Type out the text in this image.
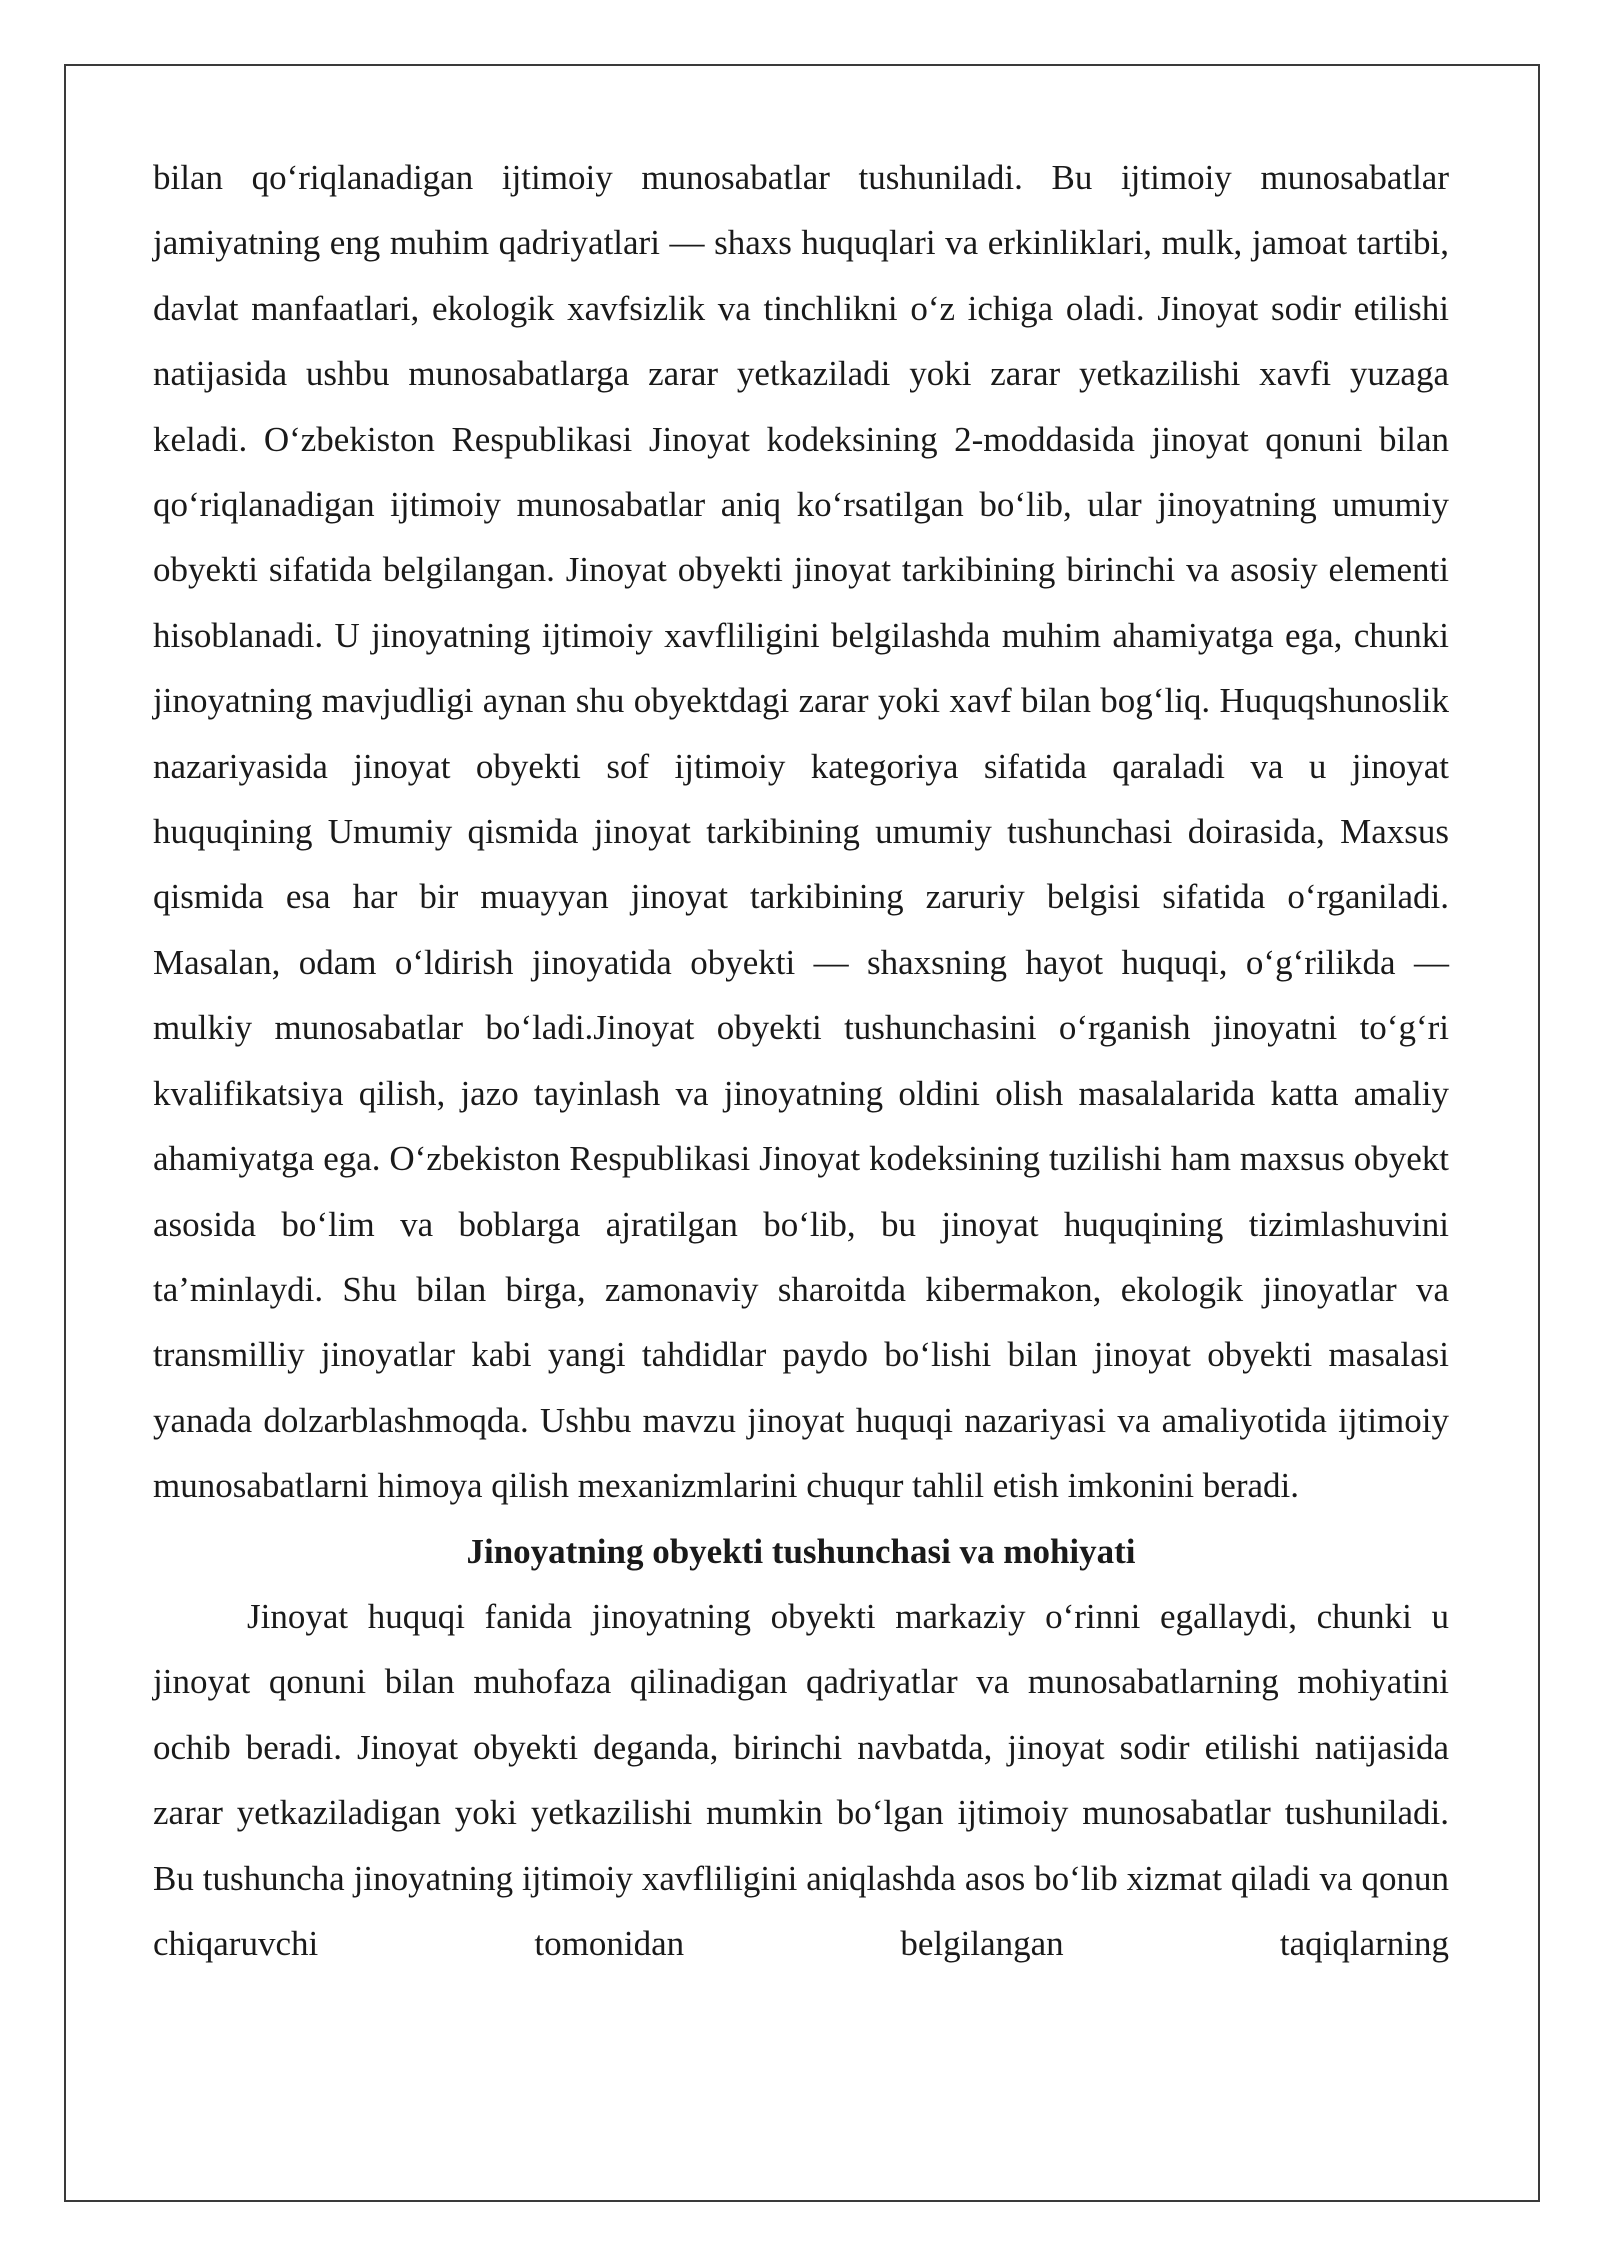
bilan qo‘riqlanadigan ijtimoiy munosabatlar tushuniladi. Bu ijtimoiy munosabatlar jamiyatning eng muhim qadriyatlari — shaxs huquqlari va erkinliklari, mulk, jamoat tartibi, davlat manfaatlari, ekologik xavfsizlik va tinchlikni o‘z ichiga oladi. Jinoyat sodir etilishi natijasida ushbu munosabatlarga zarar yetkaziladi yoki zarar yetkazilishi xavfi yuzaga keladi. O‘zbekiston Respublikasi Jinoyat kodeksining 2-moddasida jinoyat qonuni bilan qo‘riqlanadigan ijtimoiy munosabatlar aniq ko‘rsatilgan bo‘lib, ular jinoyatning umumiy obyekti sifatida belgilangan. Jinoyat obyekti jinoyat tarkibining birinchi va asosiy elementi hisoblanadi. U jinoyatning ijtimoiy xavfliligini belgilashda muhim ahamiyatga ega, chunki jinoyatning mavjudligi aynan shu obyektdagi zarar yoki xavf bilan bog‘liq. Huquqshunoslik nazariyasida jinoyat obyekti sof ijtimoiy kategoriya sifatida qaraladi va u jinoyat huquqining Umumiy qismida jinoyat tarkibining umumiy tushunchasi doirasida, Maxsus qismida esa har bir muayyan jinoyat tarkibining zaruriy belgisi sifatida o‘rganiladi. Masalan, odam o‘ldirish jinoyatida obyekti — shaxsning hayot huquqi, o‘g‘rilikda — mulkiy munosabatlar bo‘ladi.Jinoyat obyekti tushunchasini o‘rganish jinoyatni to‘g‘ri kvalifikatsiya qilish, jazo tayinlash va jinoyatning oldini olish masalalarida katta amaliy ahamiyatga ega. O‘zbekiston Respublikasi Jinoyat kodeksining tuzilishi ham maxsus obyekt asosida bo‘lim va boblarga ajratilgan bo‘lib, bu jinoyat huquqining tizimlashuvini ta’minlaydi. Shu bilan birga, zamonaviy sharoitda kibermakon, ekologik jinoyatlar va transmilliy jinoyatlar kabi yangi tahdidlar paydo bo‘lishi bilan jinoyat obyekti masalasi yanada dolzarblashmoqda. Ushbu mavzu jinoyat huquqi nazariyasi va amaliyotida ijtimoiy munosabatlarni himoya qilish mexanizmlarini chuqur tahlil etish imkonini beradi.

Jinoyatning obyekti tushunchasi va mohiyati

Jinoyat huquqi fanida jinoyatning obyekti markaziy o‘rinni egallaydi, chunki u jinoyat qonuni bilan muhofaza qilinadigan qadriyatlar va munosabatlarning mohiyatini ochib beradi. Jinoyat obyekti deganda, birinchi navbatda, jinoyat sodir etilishi natijasida zarar yetkaziladigan yoki yetkazilishi mumkin bo‘lgan ijtimoiy munosabatlar tushuniladi. Bu tushuncha jinoyatning ijtimoiy xavfliligini aniqlashda asos bo‘lib xizmat qiladi va qonun chiqaruvchi tomonidan belgilangan taqiqlarning
